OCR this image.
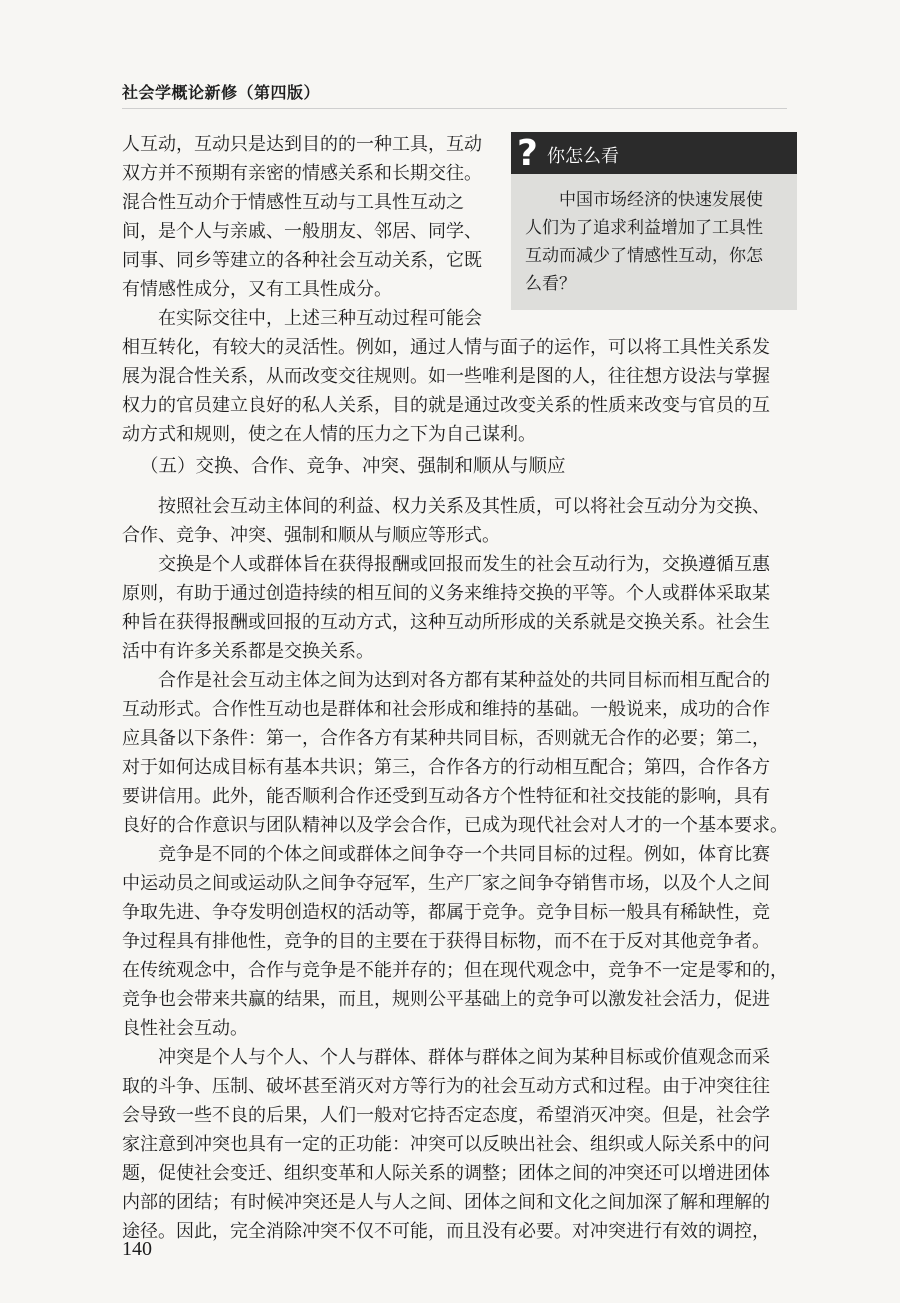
社会学概论新修（第四版）
? 你怎么看

中国市场经济的快速发展使
人们为了追求利益增加了工具性
互动而减少了情感性互动，你怎
么看？

人互动，互动只是达到目的的一种工具，互动
双方并不预期有亲密的情感关系和长期交往。
混合性互动介于情感性互动与工具性互动之
间，是个人与亲戚、一般朋友、邻居、同学、
同事、同乡等建立的各种社会互动关系，它既
有情感性成分，又有工具性成分。
在实际交往中，上述三种互动过程可能会

相互转化，有较大的灵活性。例如，通过人情与面子的运作，可以将工具性关系发
展为混合性关系，从而改变交往规则。如一些唯利是图的人，往往想方设法与掌握
权力的官员建立良好的私人关系，目的就是通过改变关系的性质来改变与官员的互
动方式和规则，使之在人情的压力之下为自己谋利。

（五）交换、合作、竞争、冲突、强制和顺从与顺应

按照社会互动主体间的利益、权力关系及其性质，可以将社会互动分为交换、
合作、竞争、冲突、强制和顺从与顺应等形式。

交换是个人或群体旨在获得报酬或回报而发生的社会互动行为，交换遵循互惠
原则，有助于通过创造持续的相互间的义务来维持交换的平等。个人或群体采取某
种旨在获得报酬或回报的互动方式，这种互动所形成的关系就是交换关系。社会生
活中有许多关系都是交换关系。

合作是社会互动主体之间为达到对各方都有某种益处的共同目标而相互配合的
互动形式。合作性互动也是群体和社会形成和维持的基础。一般说来，成功的合作
应具备以下条件：第一，合作各方有某种共同目标，否则就无合作的必要；第二，
对于如何达成目标有基本共识；第三，合作各方的行动相互配合；第四，合作各方
要讲信用。此外，能否顺利合作还受到互动各方个性特征和社交技能的影响，具有
良好的合作意识与团队精神以及学会合作，已成为现代社会对人才的一个基本要求。

竞争是不同的个体之间或群体之间争夺一个共同目标的过程。例如，体育比赛
中运动员之间或运动队之间争夺冠军，生产厂家之间争夺销售市场，以及个人之间
争取先进、争夺发明创造权的活动等，都属于竞争。竞争目标一般具有稀缺性，竞
争过程具有排他性，竞争的目的主要在于获得目标物，而不在于反对其他竞争者。
在传统观念中，合作与竞争是不能并存的；但在现代观念中，竞争不一定是零和的，
竞争也会带来共赢的结果，而且，规则公平基础上的竞争可以激发社会活力，促进
良性社会互动。

冲突是个人与个人、个人与群体、群体与群体之间为某种目标或价值观念而采
取的斗争、压制、破坏甚至消灭对方等行为的社会互动方式和过程。由于冲突往往
会导致一些不良的后果，人们一般对它持否定态度，希望消灭冲突。但是，社会学
家注意到冲突也具有一定的正功能：冲突可以反映出社会、组织或人际关系中的问
题，促使社会变迁、组织变革和人际关系的调整；团体之间的冲突还可以增进团体
内部的团结；有时候冲突还是人与人之间、团体之间和文化之间加深了解和理解的
途径。因此，完全消除冲突不仅不可能，而且没有必要。对冲突进行有效的调控，

140
